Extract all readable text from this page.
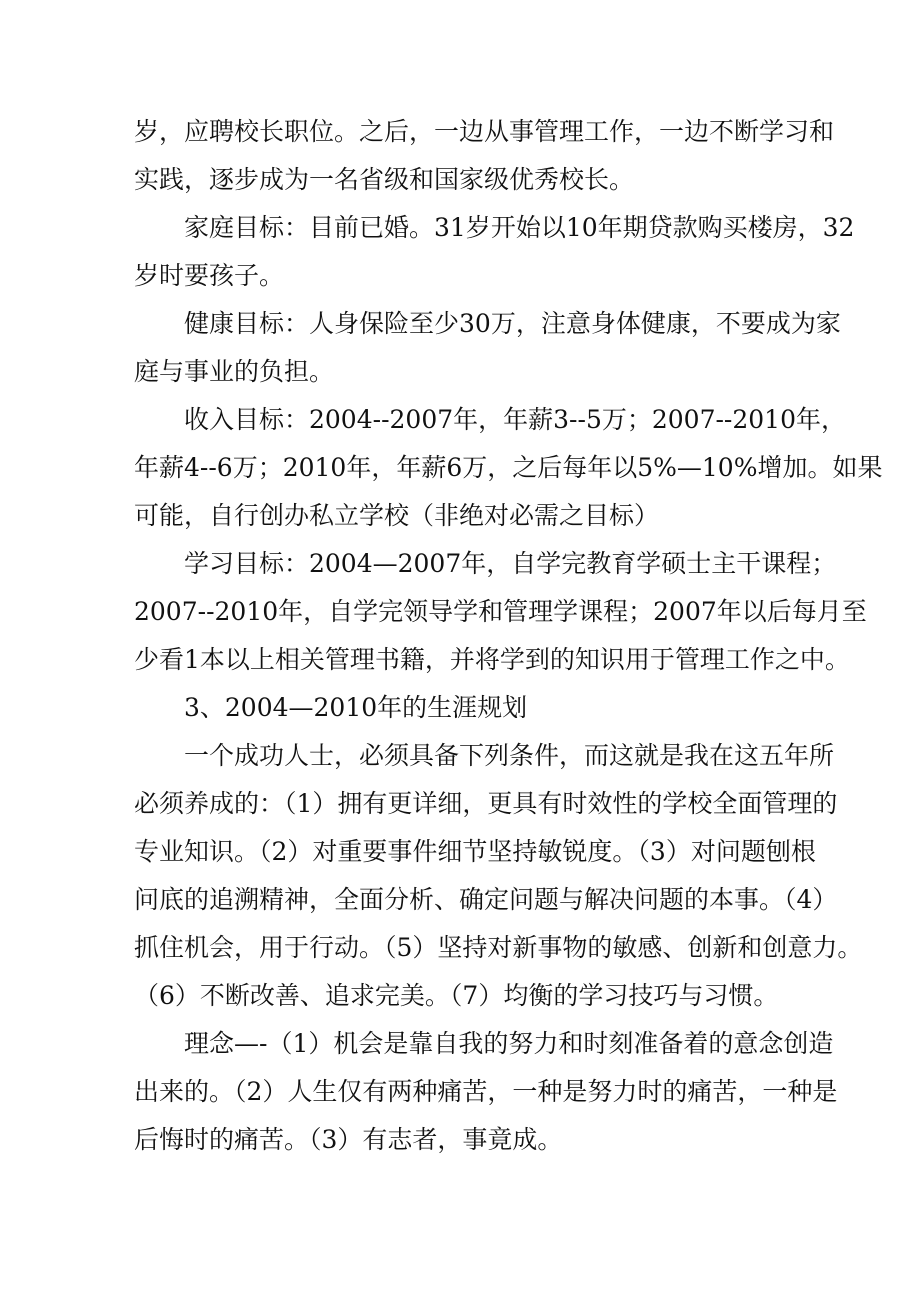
岁，应聘校长职位。之后，一边从事管理工作，一边不断学习和
实践，逐步成为一名省级和国家级优秀校长。
家庭目标：目前已婚。31岁开始以10年期贷款购买楼房，32
岁时要孩子。
健康目标：人身保险至少30万，注意身体健康，不要成为家
庭与事业的负担。
收入目标：2004--2007年，年薪3--5万；2007--2010年，
年薪4--6万；2010年，年薪6万，之后每年以5%—10%增加。如果
可能，自行创办私立学校（非绝对必需之目标）
学习目标：2004—2007年，自学完教育学硕士主干课程；
2007--2010年，自学完领导学和管理学课程；2007年以后每月至
少看1本以上相关管理书籍，并将学到的知识用于管理工作之中。
3、2004—2010年的生涯规划
一个成功人士，必须具备下列条件，而这就是我在这五年所
必须养成的：（1）拥有更详细，更具有时效性的学校全面管理的
专业知识。（2）对重要事件细节坚持敏锐度。（3）对问题刨根
问底的追溯精神，全面分析、确定问题与解决问题的本事。（4）
抓住机会，用于行动。（5）坚持对新事物的敏感、创新和创意力。
（6）不断改善、追求完美。（7）均衡的学习技巧与习惯。
理念—-（1）机会是靠自我的努力和时刻准备着的意念创造
出来的。（2）人生仅有两种痛苦，一种是努力时的痛苦，一种是
后悔时的痛苦。（3）有志者，事竟成。
